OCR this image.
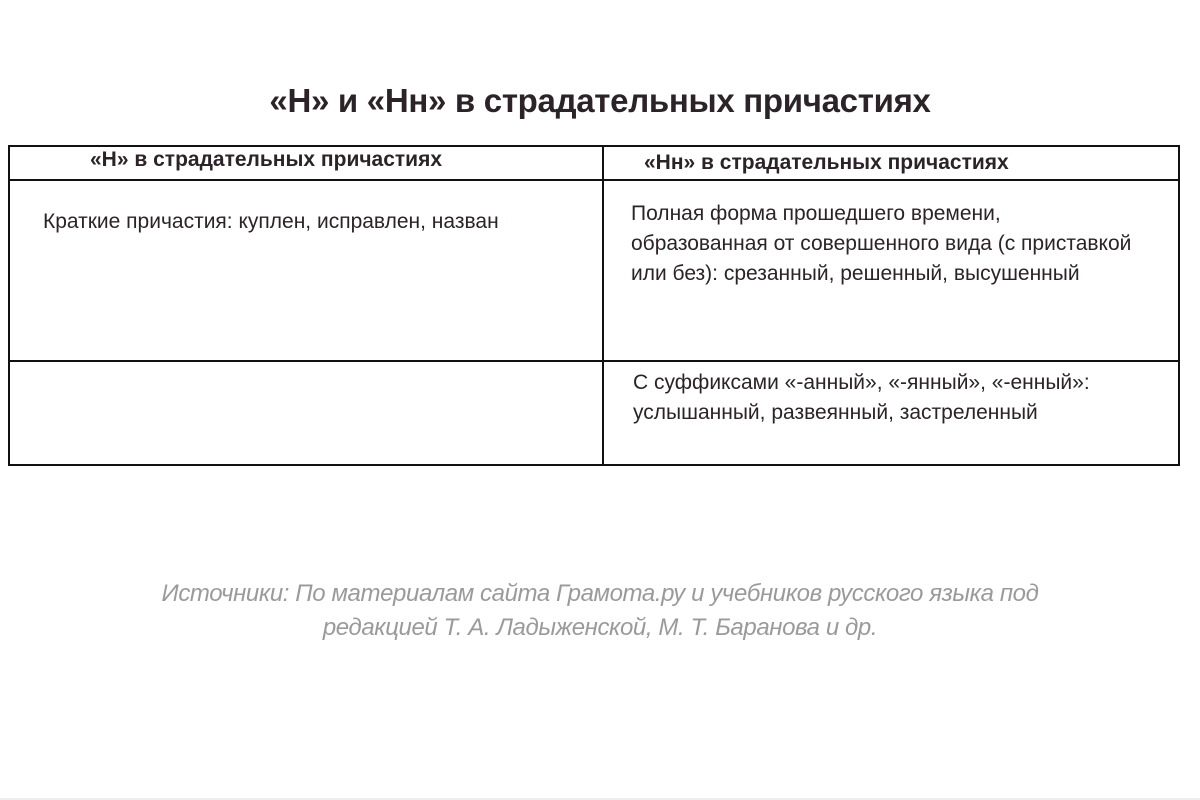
«Н» и «Нн» в страдательных причастиях
«Н» в страдательных причастиях	«Нн» в страдательных причастиях
Краткие причастия: куплен, исправлен, назван	Полная форма прошедшего времени, образованная от совершенного вида (с приставкой или без): срезанный, решенный, высушенный
С суффиксами «-анный», «-янный», «-енный»: услышанный, развеянный, застреленный
Источники: По материалам сайта Грамота.ру и учебников русского языка под
редакцией Т. А. Ладыженской, М. Т. Баранова и др.
